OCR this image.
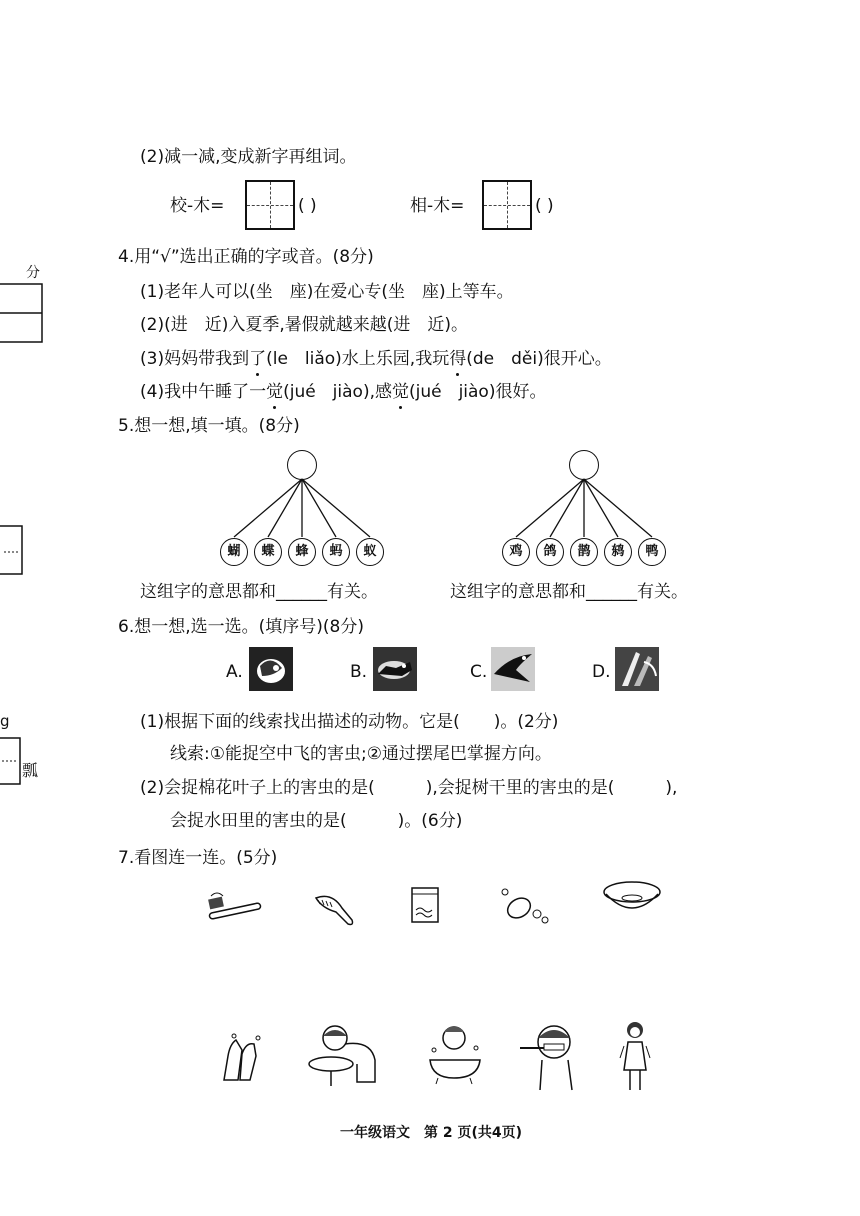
分
g
瓢
(2)减一减,变成新字再组词。
校-木=	( )	相-木=	( )
4.用“√”选出正确的字或音。(8分)
(1)老年人可以(坐　座)在爱心专(坐　座)上等车。
(2)(进　近)入夏季,暑假就越来越(进　近)。
(3)妈妈带我到了(le　liǎo)水上乐园,我玩得(de　děi)很开心。
(4)我中午睡了一觉(jué　jiào),感觉(jué　jiào)很好。
5.想一想,填一填。(8分)
蝴	蝶	蜂	蚂	蚁	鸡	鸽	鹊	鸫	鸭
这组字的意思都和______有关。	这组字的意思都和______有关。
6.想一想,选一选。(填序号)(8分)
A.	B.	C.	D.
(1)根据下面的线索找出描述的动物。它是(　　)。(2分)
线索:①能捉空中飞的害虫;②通过摆尾巴掌握方向。
(2)会捉棉花叶子上的害虫的是(　　　),会捉树干里的害虫的是(　　　),
会捉水田里的害虫的是(　　　)。(6分)
7.看图连一连。(5分)
一年级语文　第 2 页(共4页)
